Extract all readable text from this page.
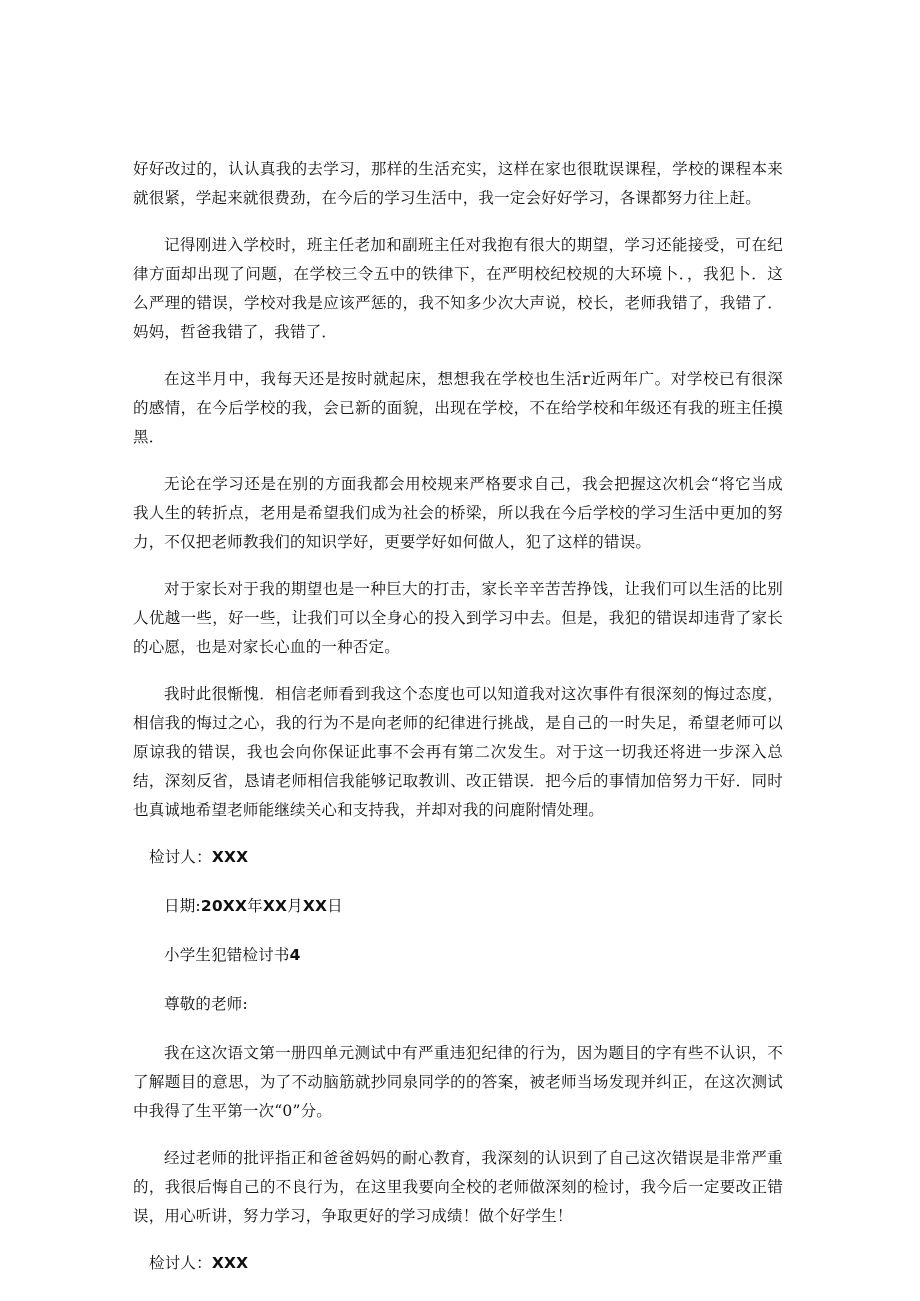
好好改过的，认认真我的去学习，那样的生活充实，这样在家也很耽误课程，学校的课程本来就很紧，学起来就很费劲，在今后的学习生活中，我一定会好好学习，各课都努力往上赶。

记得刚进入学校时，班主任老加和副班主任对我抱有很大的期望，学习还能接受，可在纪律方面却出现了问题，在学校三令五中的铁律下，在严明校纪校规的大环境卜．，我犯卜．这么严理的错误，学校对我是应该严惩的，我不知多少次大声说，校长，老师我错了，我错了．妈妈，哲爸我错了，我错了．

在这半月中，我每天还是按时就起床，想想我在学校也生活r近两年广。对学校已有很深的感情，在今后学校的我，会已新的面貌，出现在学校，不在给学校和年级还有我的班主任摸黑．

无论在学习还是在别的方面我都会用校规来严格要求自己，我会把握这次机会“将它当成我人生的转折点，老用是希望我们成为社会的桥梁，所以我在今后学校的学习生活中更加的努力，不仅把老师教我们的知识学好，更要学好如何做人，犯了这样的错误。

对于家长对于我的期望也是一种巨大的打击，家长辛辛苦苦挣饯，让我们可以生活的比别人优越一些，好一些，让我们可以全身心的投入到学习中去。但是，我犯的错误却违背了家长的心愿，也是对家长心血的一种否定。

我时此很惭愧．相信老师看到我这个态度也可以知道我对这次事件有很深刻的悔过态度，相信我的悔过之心，我的行为不是向老师的纪律进行挑战，是自己的一时失足，希望老师可以原谅我的错误，我也会向你保证此事不会再有第二次发生。对于这一切我还将进一步深入总结，深刻反省，恳请老师相信我能够记取教训、改正错误．把今后的事情加倍努力干好．同时也真诚地希望老师能继续关心和支持我，并却对我的问鹿附情处理。

检讨人：XXX
日期:20XX年XX月XX日
小学生犯错检讨书4
尊敬的老师:

我在这次语文第一册四单元测试中有严重违犯纪律的行为，因为题目的字有些不认识，不了解题目的意思，为了不动脑筋就抄同泉同学的的答案，被老师当场发现并纠正，在这次测试中我得了生平第一次“0”分。

经过老师的批评指正和爸爸妈妈的耐心教育，我深刻的认识到了自己这次错误是非常严重的，我很后悔自己的不良行为，在这里我要向全校的老师做深刻的检讨，我今后一定要改正错误，用心听讲，努力学习，争取更好的学习成绩！做个好学生！

检讨人：XXX
